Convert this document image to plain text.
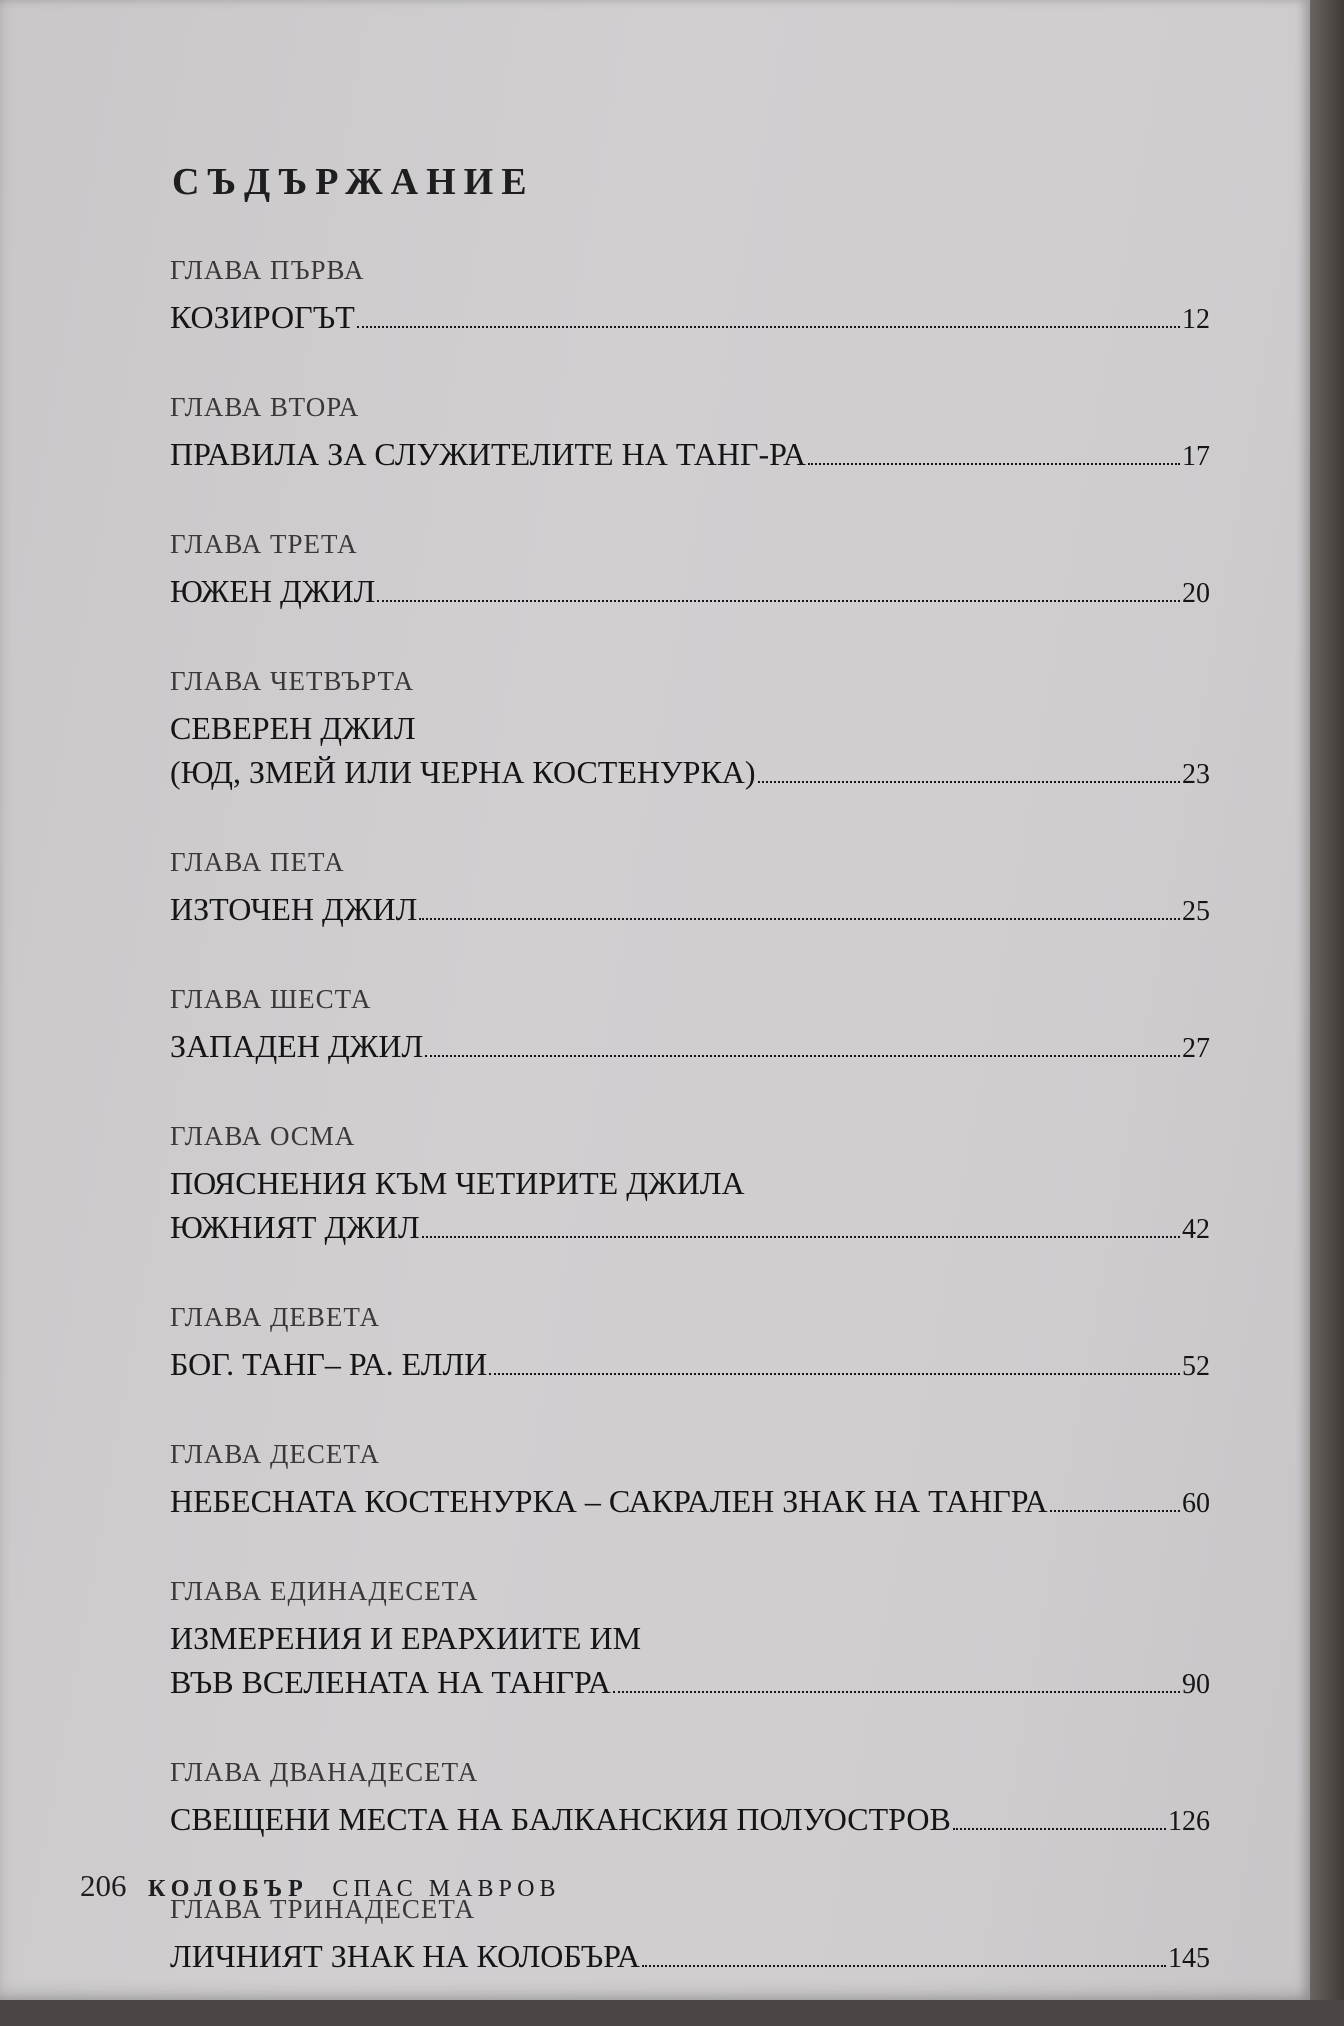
СЪДЪРЖАНИЕ
ГЛАВА ПЪРВА
КОЗИРОГЪТ	12
ГЛАВА ВТОРА
ПРАВИЛА ЗА СЛУЖИТЕЛИТЕ НА ТАНГ-РА	17
ГЛАВА ТРЕТА
ЮЖЕН ДЖИЛ	20
ГЛАВА ЧЕТВЪРТА
СЕВЕРЕН ДЖИЛ
(ЮД, ЗМЕЙ ИЛИ ЧЕРНА КОСТЕНУРКА)	23
ГЛАВА ПЕТА
ИЗТОЧЕН ДЖИЛ	25
ГЛАВА ШЕСТА
ЗАПАДЕН ДЖИЛ	27
ГЛАВА ОСМА
ПОЯСНЕНИЯ КЪМ ЧЕТИРИТЕ ДЖИЛА
ЮЖНИЯТ ДЖИЛ	42
ГЛАВА ДЕВЕТА
БОГ. ТАНГ– РА. ЕЛЛИ	52
ГЛАВА ДЕСЕТА
НЕБЕСНАТА КОСТЕНУРКА – САКРАЛЕН ЗНАК НА ТАНГРА	60
ГЛАВА ЕДИНАДЕСЕТА
ИЗМЕРЕНИЯ И ЕРАРХИИТЕ ИМ
ВЪВ ВСЕЛЕНАТА НА ТАНГРА	90
ГЛАВА ДВАНАДЕСЕТА
СВЕЩЕНИ МЕСТА НА БАЛКАНСКИЯ ПОЛУОСТРОВ	126
ГЛАВА ТРИНАДЕСЕТА
ЛИЧНИЯТ ЗНАК НА КОЛОБЪРА	145
206 КОЛОБЪР СПАС МАВРОВ
